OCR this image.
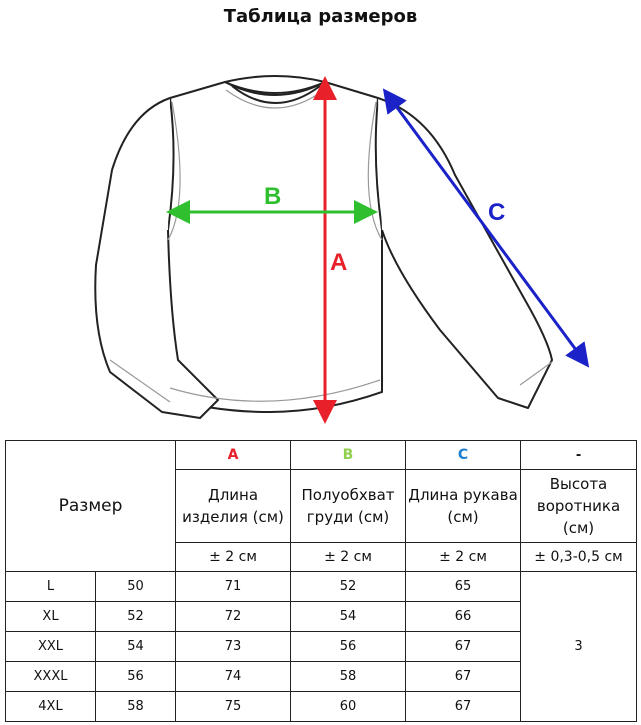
Таблица размеров
A
B
C
Размер		A	B	C	-
		Длина изделия (см)	Полуобхват груди (см)	Длина рукава (см)	Высота воротника (см)
		± 2 см	± 2 см	± 2 см	± 0,3-0,5 см
L	50	71	52	65	3
XL	52	72	54	66	
XXL	54	73	56	67	
XXXL	56	74	58	67	
4XL	58	75	60	67	
